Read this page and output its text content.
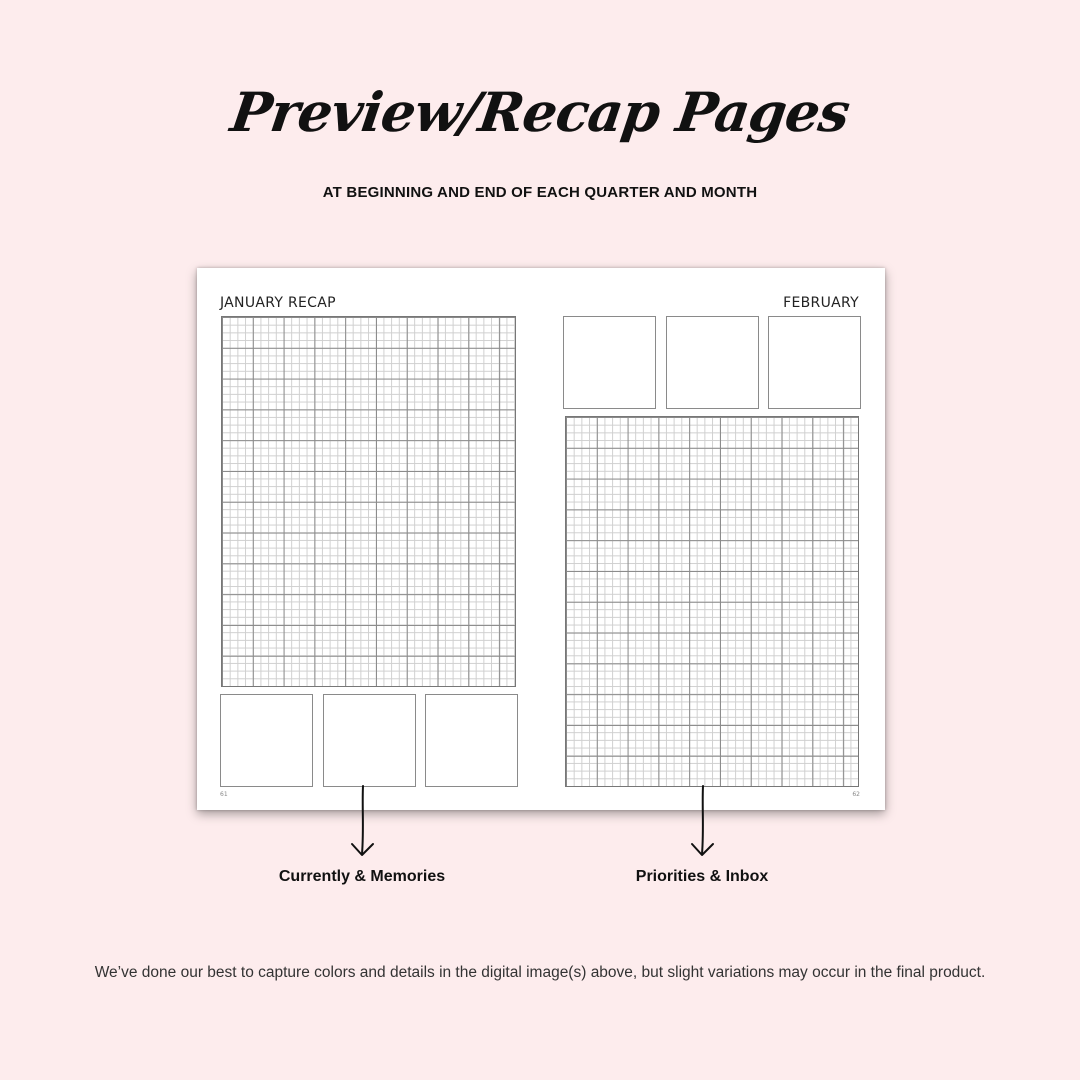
Preview/Recap Pages
AT BEGINNING AND END OF EACH QUARTER AND MONTH
JANUARY RECAP
61
FEBRUARY
62
Currently & Memories	Priorities & Inbox
We’ve done our best to capture colors and details in the digital image(s) above, but slight variations may occur in the final product.
